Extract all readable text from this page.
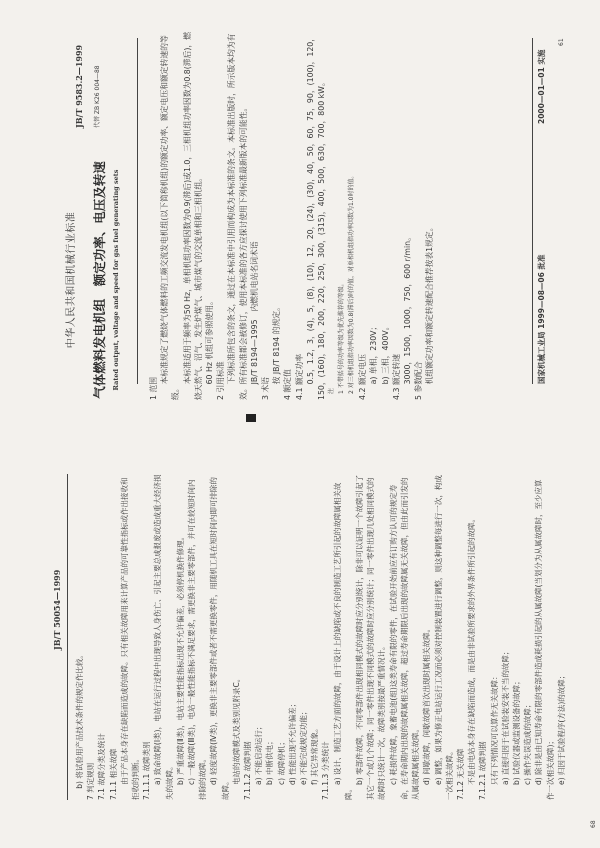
JB/T 50054—1999

b) 将试验用产品技术条件的规定作比较。 7 判定规则 7.1 故障分类及统计 7.1.1 相关故障 由于产品本身存在缺陷而造成的故障。只有相关故障用来计算产品的可靠性指标或作出接收和拒收的判断。 7.1.1.1 故障类别 a) 致命故障(Ⅰ类)，电站在运行过程中出现导致人身伤亡、引起主要总成报废或造成重大经济损失的故障。 b) 严重故障(Ⅱ类)，电站主要性能指标出现不允许偏差，必须停机换件修理。 c) 一般故障(Ⅲ类)，电站一般性能指标不满足要求，需更换非主要零部件，并可在较短时间内排除的故障。 d) 轻度故障(Ⅳ类)，更换非主要零部件或者不需更换零件，用随机工具在短时间内即可排除的故障。

电站的故障模式及类别见附录C。 7.1.1.2 故障判据 a) 不能启动运行； b) 中断供电； c) 故障停机； d) 性能出现不允许偏差； e) 不能完成规定功能； f) 其它异常现象。 7.1.1.3 分类统计 a) 设计、制造工艺方面的故障，由于设计上的缺陷或不良的制造工艺所引起的故障属相关故障。

b) 零部件故障，不同零部件出现相同模式的故障时应分别统计，除非可以证明一个故障引起了其它一个或几个故障；同一零件出现不同模式的故障时应分别统计；同一零件出现几处相同模式的故障时只统计一次，故障类别按最严重情况计。 c) 耗损件故障，象蓄电池(组)这类寿命有限的零件，在试验开始前应有订购方认可的规定寿命，在寿命期内出现的故障属相关故障，超过寿命期限后出现的故障属无关故障，但由此而引发的从属故障属相关故障。 d) 间歇故障，间歇故障首次出现时属相关故障。 e) 调整，如果为修正电站运行工况而必须对控制装置进行调整，则这种调整每进行一次，构成一次相关故障。 7.1.2 无关故障 不是由电站本身存在缺陷而造成，而是由非试验所要求的外界条件所引起的故障。 7.1.2.1 故障判据 只有下列情况可以算作无关故障： a) 直接归因于在试验装安装不当的故障； b) 试验仪器或监测设备的故障； c) 操作失误造成的故障； d) 除非是由已知寿命有限的零部件造成耗损引起的从属故障(当划分为从属故障时，至少应算作一次相关故障)； e) 归因于试验程序(方法)的故障；

68
中华人民共和国机械行业标准
JB/T 9583.2—1999	代替 ZB K26 004—88
气体燃料发电机组　额定功率、电压及转速 Rated output, voltage and speed for gas fuel generating sets	1 范围

本标准规定了燃烧气体燃料的工频交流发电机组(以下简称机组)的额定功率、额定电压和额定转速的等级。

本标准适用于频率为50 Hz，单相机组功率因数为0.9(滞后)或1.0，三相机组功率因数为0.8(滞后)，燃烧天然气、沼气、发生炉煤气、城市煤气的交流单相和三相机组。 60 Hz 机组可参照使用。 2 引用标准 下列标准所包含的条文，通过在本标准中引用而构成为本标准的条文。本标准出版时，所示版本均为有效。所有标准都会被修订，使用本标准的各方应探讨使用下列标准最新版本的可能性。 JB/T 8194—1995　内燃机电站名词术语

3 术语

按 JB/T 8194 的规定。

4 额定值 4.1 额定功率 0.5，1.2，3，(4)，5，(8)，(10)，12，20，(24)，(30)，40，50，60，75，90，(100)，120，150，(160)，180，200，220，250，300，(315)，400，500，630，700，800 kW。 注 1 不带括号的功率等级为优先推荐的等级。 2 对三相机组指功率因数为0.8(滞后)时的值，对单相机组指功率因数为1.0时的值。 4.2 额定电压 a) 单相，230V； b) 三相，400V。 4.3 额定转速 3000，1500，1000，750，600 r/min。 5 参数配合 机组额定功率和额定转速配合推荐按表1规定。	国家机械工业局 1999—08—06 批准
2000—01—01 实施
61
